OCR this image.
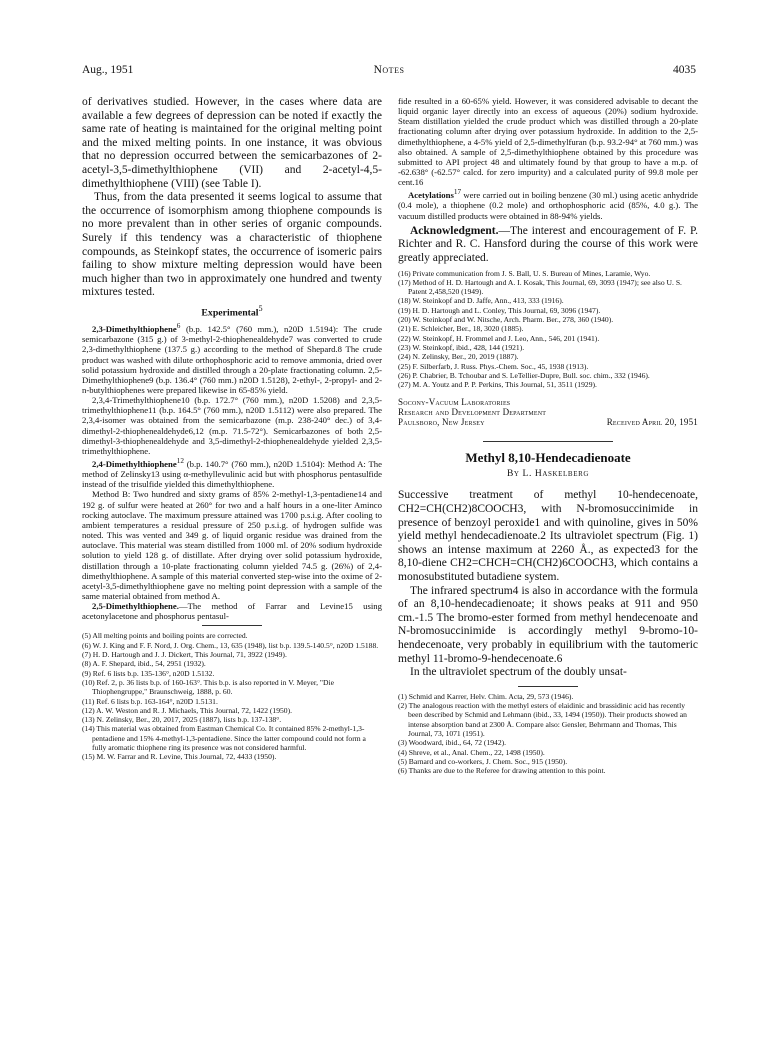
Aug., 1951	Notes	4035

of derivatives studied. However, in the cases where data are available a few degrees of depression can be noted if exactly the same rate of heating is maintained for the original melting point and the mixed melting points. In one instance, it was obvious that no depression occurred between the semicarbazones of 2-acetyl-3,5-dimethylthiophene (VII) and 2-acetyl-4,5-dimethylthiophene (VIII) (see Table I).

Thus, from the data presented it seems logical to assume that the occurrence of isomorphism among thiophene compounds is no more prevalent than in other series of organic compounds. Surely if this tendency was a characteristic of thiophene compounds, as Steinkopf states, the occurrence of isomeric pairs failing to show mixture melting depression would have been much higher than two in approximately one hundred and twenty mixtures tested.

Experimental$^5$

2,3-Dimethylthiophene$^6$ (b.p. 142.5° (760 mm.), n20D 1.5194): The crude semicarbazone (315 g.) of 3-methyl-2-thiophenealdehyde7 was converted to crude 2,3-dimethylthiophene (137.5 g.) according to the method of Shepard.8 The crude product was washed with dilute orthophosphoric acid to remove ammonia, dried over solid potassium hydroxide and distilled through a 20-plate fractionating column. 2,5-Dimethylthiophene9 (b.p. 136.4° (760 mm.) n20D 1.5128), 2-ethyl-, 2-propyl- and 2-n-butylthiophenes were prepared likewise in 65-85% yield.

2,3,4-Trimethylthiophene10 (b.p. 172.7° (760 mm.), n20D 1.5208) and 2,3,5-trimethylthiophene11 (b.p. 164.5° (760 mm.), n20D 1.5112) were also prepared. The 2,3,4-isomer was obtained from the semicarbazone (m.p. 238-240° dec.) of 3,4-dimethyl-2-thiophenealdehyde6,12 (m.p. 71.5-72°). Semicarbazones of both 2,5-dimethyl-3-thiophenealdehyde and 3,5-dimethyl-2-thiophenealdehyde yielded 2,3,5-trimethylthiophene.

2,4-Dimethylthiophene$^{12}$ (b.p. 140.7° (760 mm.), n20D 1.5104): Method A: The method of Zelinsky13 using α-methyllevulinic acid but with phosphorus pentasulfide instead of the trisulfide yielded this dimethylthiophene.

Method B: Two hundred and sixty grams of 85% 2-methyl-1,3-pentadiene14 and 192 g. of sulfur were heated at 260° for two and a half hours in a one-liter Aminco rocking autoclave. The maximum pressure attained was 1700 p.s.i.g. After cooling to ambient temperatures a residual pressure of 250 p.s.i.g. of hydrogen sulfide was noted. This was vented and 349 g. of liquid organic residue was drained from the autoclave. This material was steam distilled from 1000 ml. of 20% sodium hydroxide solution to yield 128 g. of distillate. After drying over solid potassium hydroxide, distillation through a 10-plate fractionating column yielded 74.5 g. (26%) of 2,4-dimethylthiophene. A sample of this material converted step-wise into the oxime of 2-acetyl-3,5-dimethylthiophene gave no melting point depression with a sample of the same material obtained from method A.

2,5-Dimethylthiophene.—The method of Farrar and Levine15 using acetonylacetone and phosphorus pentasul-

(5) All melting points and boiling points are corrected.

(6) W. J. King and F. F. Nord, J. Org. Chem., 13, 635 (1948), list b.p. 139.5-140.5°, n20D 1.5188.

(7) H. D. Hartough and J. J. Dickert, This Journal, 71, 3922 (1949).

(8) A. F. Shepard, ibid., 54, 2951 (1932).

(9) Ref. 6 lists b.p. 135-136°, n20D 1.5132.

(10) Ref. 2, p. 36 lists b.p. of 160-163°. This b.p. is also reported in V. Meyer, "Die Thiophengruppe," Braunschweig, 1888, p. 60.

(11) Ref. 6 lists b.p. 163-164°, n20D 1.5131.

(12) A. W. Weston and R. J. Michaels, This Journal, 72, 1422 (1950).

(13) N. Zelinsky, Ber., 20, 2017, 2025 (1887), lists b.p. 137-138°.

(14) This material was obtained from Eastman Chemical Co. It contained 85% 2-methyl-1,3-pentadiene and 15% 4-methyl-1,3-pentadiene. Since the latter compound could not form a fully aromatic thiophene ring its presence was not considered harmful.

(15) M. W. Farrar and R. Levine, This Journal, 72, 4433 (1950).

fide resulted in a 60-65% yield. However, it was considered advisable to decant the liquid organic layer directly into an excess of aqueous (20%) sodium hydroxide. Steam distillation yielded the crude product which was distilled through a 20-plate fractionating column after drying over potassium hydroxide. In addition to the 2,5-dimethylthiophene, a 4-5% yield of 2,5-dimethylfuran (b.p. 93.2-94° at 760 mm.) was also obtained. A sample of 2,5-dimethylthiophene obtained by this procedure was submitted to API project 48 and ultimately found by that group to have a m.p. of -62.638° (-62.57° calcd. for zero impurity) and a calculated purity of 99.8 mole per cent.16

Acetylations$^{17}$ were carried out in boiling benzene (30 ml.) using acetic anhydride (0.4 mole), a thiophene (0.2 mole) and orthophosphoric acid (85%, 4.0 g.). The vacuum distilled products were obtained in 88-94% yields.

Acknowledgment.—The interest and encouragement of F. P. Richter and R. C. Hansford during the course of this work were greatly appreciated.

(16) Private communication from J. S. Ball, U. S. Bureau of Mines, Laramie, Wyo.

(17) Method of H. D. Hartough and A. I. Kosak, This Journal, 69, 3093 (1947); see also U. S. Patent 2,458,520 (1949).

(18) W. Steinkopf and D. Jaffe, Ann., 413, 333 (1916).

(19) H. D. Hartough and L. Conley, This Journal, 69, 3096 (1947).

(20) W. Steinkopf and W. Nitsche, Arch. Pharm. Ber., 278, 360 (1940).

(21) E. Schleicher, Ber., 18, 3020 (1885).

(22) W. Steinkopf, H. Frommel and J. Leo, Ann., 546, 201 (1941).

(23) W. Steinkopf, ibid., 428, 144 (1921).

(24) N. Zelinsky, Ber., 20, 2019 (1887).

(25) F. Silberfarb, J. Russ. Phys.-Chem. Soc., 45, 1938 (1913).

(26) P. Chabrier, B. Tchoubar and S. LeTellier-Dupre, Bull. soc. chim., 332 (1946).

(27) M. A. Youtz and P. P. Perkins, This Journal, 51, 3511 (1929).

Socony-Vacuum Laboratories
Research and Development Department
Paulsboro, New Jersey	Received April 20, 1951
Methyl 8,10-Hendecadienoate
By L. Haskelberg

Successive treatment of methyl 10-hendecenoate, CH2=CH(CH2)8COOCH3, with N-bromosuccinimide in presence of benzoyl peroxide1 and with quinoline, gives in 50% yield methyl hendecadienoate.2 Its ultraviolet spectrum (Fig. 1) shows an intense maximum at 2260 Å., as expected3 for the 8,10-diene CH2=CHCH=CH(CH2)6COOCH3, which contains a monosubstituted butadiene system.

The infrared spectrum4 is also in accordance with the formula of an 8,10-hendecadienoate; it shows peaks at 911 and 950 cm.-1.5 The bromo-ester formed from methyl hendecenoate and N-bromosuccinimide is accordingly methyl 9-bromo-10-hendecenoate, very probably in equilibrium with the tautomeric methyl 11-bromo-9-hendecenoate.6

In the ultraviolet spectrum of the doubly unsat-

(1) Schmid and Karrer, Helv. Chim. Acta, 29, 573 (1946).

(2) The analogous reaction with the methyl esters of elaidinic and brassidinic acid has recently been described by Schmid and Lehmann (ibid., 33, 1494 (1950)). Their products showed an intense absorption band at 2300 Å. Compare also: Gensler, Behrmann and Thomas, This Journal, 73, 1071 (1951).

(3) Woodward, ibid., 64, 72 (1942).

(4) Shreve, et al., Anal. Chem., 22, 1498 (1950).

(5) Barnard and co-workers, J. Chem. Soc., 915 (1950).

(6) Thanks are due to the Referee for drawing attention to this point.
